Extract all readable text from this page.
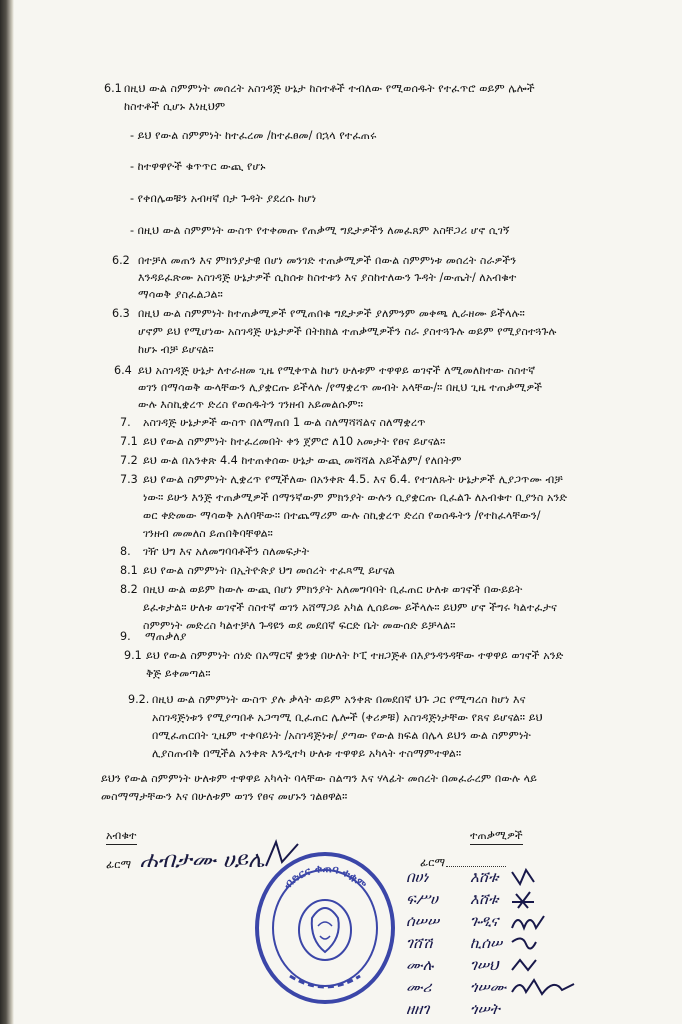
6.1 በዚህ ውል ስምምነት መሰረት አስገዳጅ ሁኔታ ከስተቶች ተብለው የሚወሰዱት የተፈጥሮ ወይም ሌሎች
ከስተቶች ሲሆኑ እነዚህም
- ይህ የውል ስምምነት ከተፈረመ /ከተፈፀመ/ በኋላ የተፈጠሩ
- ከተዋዋዮች ቁጥጥር ውጪ የሆኑ
- የቀበሌወቹን አብዛኛ በታ ጉዳት ያደረሱ ከሆነ
- በዚህ ውል ስምምነት ውስጥ የተቀመጡ የጠቃሚ ግዴታዎችን ለመፈጸም አስቸጋሪ ሆኖ ሲገኝ
6.2 በተቻለ መጠን እና ምክንያታዊ በሆነ መንገድ ተጠቃሚዎች በውል ስምምነቱ መሰረት ስራዎችን
እንዳይፈጽሙ አስገዳጅ ሁኔታዎች ሲከሰቱ ከስተቱን እና ያስከተለውን ጉዳት /ውጤት/ ለአብቁተ
ማሳወቅ ያስፈልጋል።
6.3 በዚህ ውል ስምምነት ከተጠቃሚዎች የሚጠበቁ ግዴታዎች ያለምንም መቀጫ ሊራዘሙ ይችላሉ።
ሆኖም ይህ የሚሆነው አስገዳጅ ሁኔታዎች በትክክል ተጠቃሚዎችን ስራ ያስተጓጉሉ ወይም የሚያስተጓጉሉ
ከሆኑ ብቻ ይሆናል።
6.4 ይህ አስገዳጅ ሁኔታ ለተራዘመ ጊዜ የሚቀጥል ከሆነ ሁለቱም ተዋዋይ ወገኖች ለሚመለከተው ስስተኛ
ወገን በማሳወቅ ውላቸውን ሊያቋርጡ ይችላሉ /የማቋረጥ መብት አላቸው/። በዚህ ጊዜ ተጠቃሚዎች
ውሉ እስኪቋረጥ ድረስ የወሰዱትን ገንዘብ አይመልሱም።
7. አስገዳጅ ሁኔታዎች ውስጥ በለማጠበ 1 ውል ስለማሻሻልና ስለማቋረጥ
7.1 ይህ የውል ስምምነት ከተፈረመበት ቀን ጀምሮ ለ10 አመታት የፀና ይሆናል።
7.2 ይህ ውል በአንቀጽ 4.4 ከተጠቀሰው ሁኔታ ውጪ መሻሻል አይችልም/ የለበትም
7.3 ይህ የውል ስምምነት ሊቋረጥ የሚችለው በአንቀጽ 4.5. እና 6.4. የተገለጹት ሁኔታዎች ሊያጋጥሙ ብቻ
ነው። ይሁን እንጅ ተጠቃሚዎች በማንኛውም ምክንያት ውሉን ሲያቋርጡ ቢፈልጉ ለአብቁተ ቢያንስ አንድ
ወር ቀድመው ማሳወቅ አለባቸው። በተጨማሪም ውሉ ስኪቋረጥ ድረስ የወሰዱትን /የተከፈላቸውን/
ገንዘብ መመለስ ይጠበቅባቸዋል።
8. ገዥ ህግ እና አለመግባባቶችን ስለመፍታት
8.1 ይህ የውል ስምምነት በኢትዮጵያ ህግ መሰረት ተፈጻሚ ይሆናል
8.2 በዚህ ውል ወይም ከውሉ ውጪ በሆነ ምክንያት አለመግባባት ቢፈጠር ሁለቱ ወገኖች በውይይት
ይፈቱታል። ሁለቱ ወገኖች ስስተኛ ወገን አሸማጋይ አካል ሊሰይሙ ይችላሉ። ይህም ሆኖ ችግሩ ካልተፈታና
ስምምነት መድረስ ካልተቻለ ጉዳዩን ወደ መደበኛ ፍርድ ቤት መውሰድ ይቻላል።
9. ማጠቃለያ
9.1 ይህ የውል ስምምነት ሰነድ በአማርኛ ቋንቋ በሁለት ኮፒ ተዘጋጅቶ በእያንዳንዳቸው ተዋዋይ ወገኖች አንድ
ቅጅ ይቀመጣል።
9.2. በዚህ ውል ስምምነት ውስጥ ያሉ ቃላት ወይም አንቀጽ በመደበኛ ህጉ ጋር የሚጣረስ ከሆነ እና
አስገዳጅነቱን የሚያጣበቶ አጋጣሚ ቢፈጠር ሌሎች (ቀሪዎቹ) አስገዳጅነታቸው የጸና ይሆናል። ይህ
በሚፈጠርበት ጊዜም ተቀባይነት /አስገዳጅነቱ/ ያጣው የውል ክፍል በሌላ ይህን ውል ስምምነት
ሊያስጠብቅ በሚችል አንቀጽ እንዲተካ ሁለቱ ተዋዋይ አካላት ተስማምተዋል።
ይህን የውል ስምምነት ሁለቱም ተዋዋይ አካላት ባላቸው ስልጣን እና ሃላፊት መሰረት በመፈራረም በውሉ ላይ
መስማማታቸውን እና በሁለቱም ወገን የፀና መሆኑን ገልፀዋል።
አብቁተ	ተጠቃሚዎች
ፊርማ ሐብታሙ ሀይሌ	ፊርማ
ብድርና ቁጠባ ተቋም በሀነ	እሸቱ
ፍሥሀ እሸቱ
ሰሠሠ ጉዲና
ገሸሽ	ኪሰሠ
ሙሉ ገሠህ
ሙሪ	ጎሠሙ
ዘዘገ	ጎሠት
